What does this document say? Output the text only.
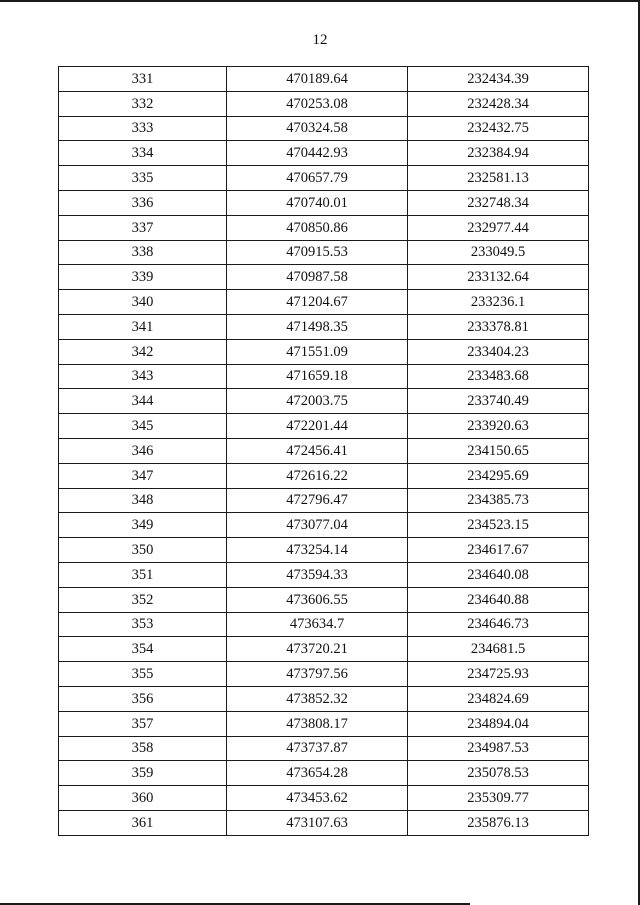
12
331	470189.64	232434.39
332	470253.08	232428.34
333	470324.58	232432.75
334	470442.93	232384.94
335	470657.79	232581.13
336	470740.01	232748.34
337	470850.86	232977.44
338	470915.53	233049.5
339	470987.58	233132.64
340	471204.67	233236.1
341	471498.35	233378.81
342	471551.09	233404.23
343	471659.18	233483.68
344	472003.75	233740.49
345	472201.44	233920.63
346	472456.41	234150.65
347	472616.22	234295.69
348	472796.47	234385.73
349	473077.04	234523.15
350	473254.14	234617.67
351	473594.33	234640.08
352	473606.55	234640.88
353	473634.7	234646.73
354	473720.21	234681.5
355	473797.56	234725.93
356	473852.32	234824.69
357	473808.17	234894.04
358	473737.87	234987.53
359	473654.28	235078.53
360	473453.62	235309.77
361	473107.63	235876.13
